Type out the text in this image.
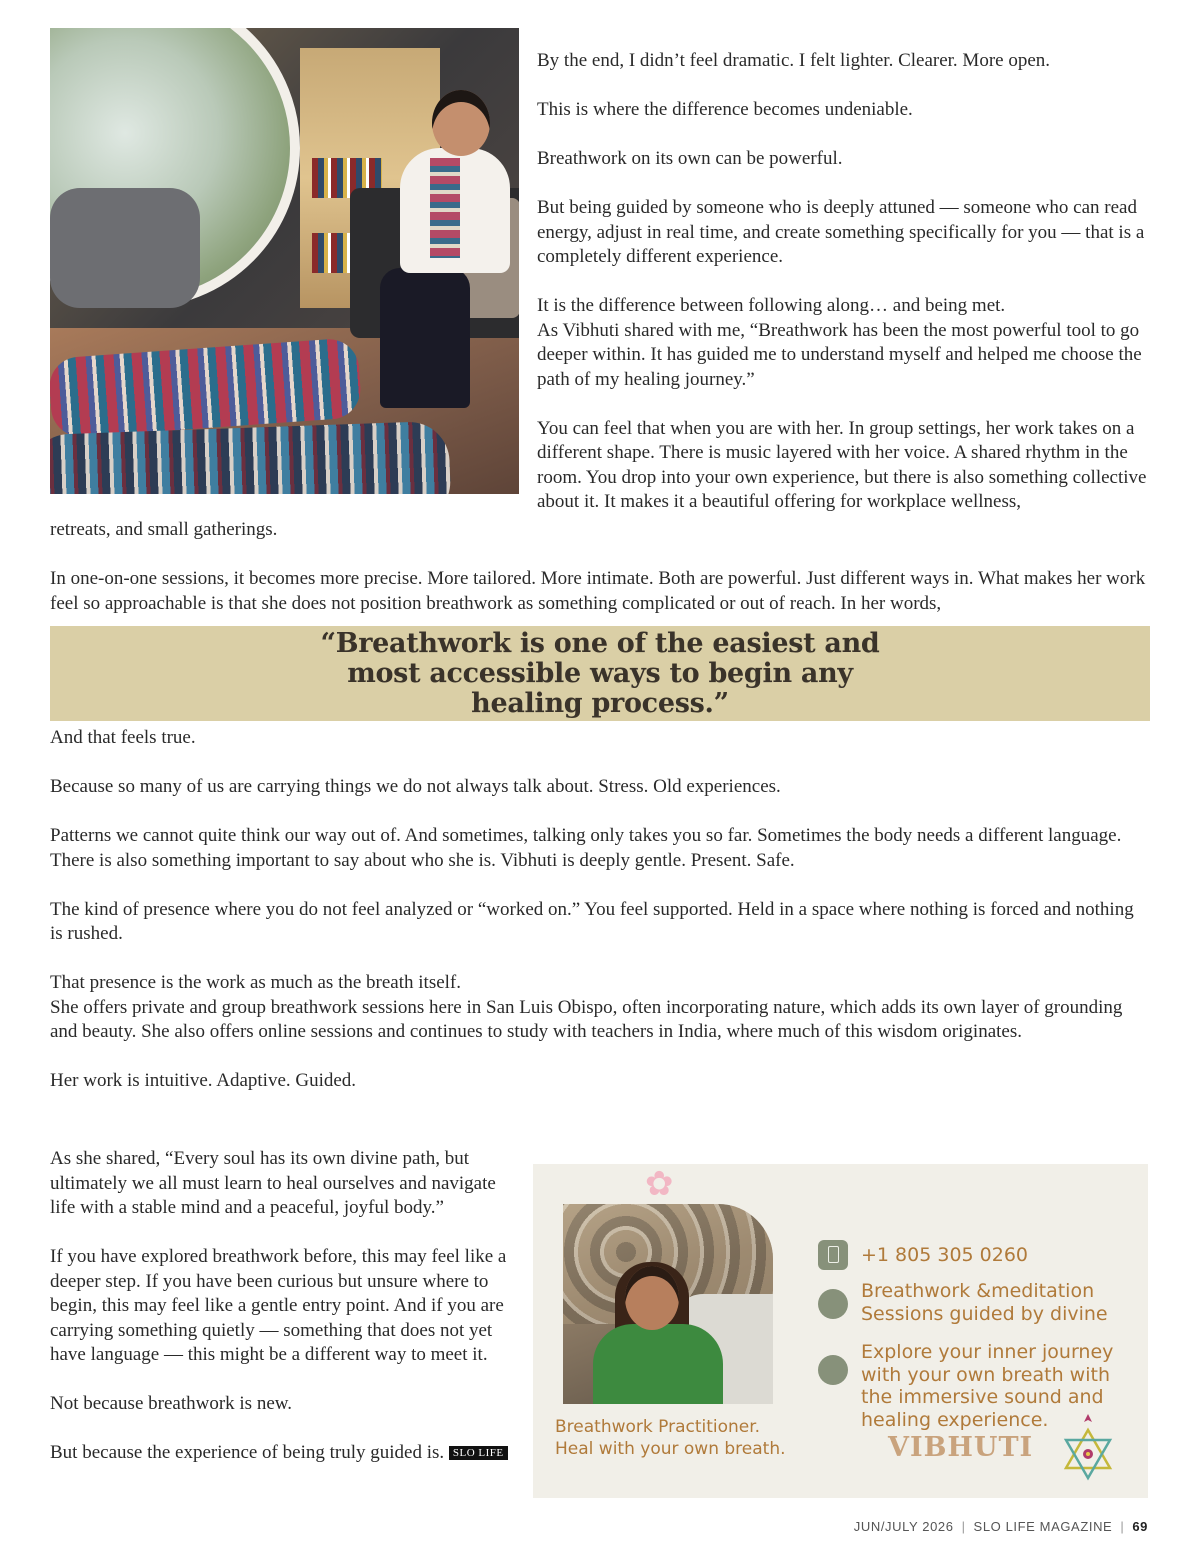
By the end, I didn’t feel dramatic. I felt lighter. Clearer. More open.

This is where the difference becomes undeniable.

Breathwork on its own can be powerful.

But being guided by someone who is deeply attuned — someone who can read energy, adjust in real time, and create something specifically for you — that is a completely different experience.

It is the difference between following along… and being met.
As Vibhuti shared with me, “Breathwork has been the most powerful tool to go deeper within. It has guided me to understand myself and helped me choose the path of my healing journey.”

You can feel that when you are with her. In group settings, her work takes on a different shape. There is music layered with her voice. A shared rhythm in the room. You drop into your own experience, but there is also something collective about it. It makes it a beautiful offering for workplace wellness,

retreats, and small gatherings.

In one-on-one sessions, it becomes more precise. More tailored. More intimate. Both are powerful. Just different ways in. What makes her work feel so approachable is that she does not position breathwork as something complicated or out of reach. In her words,

“Breathwork is one of the easiest and most accessible ways to begin any healing process.”

And that feels true.

Because so many of us are carrying things we do not always talk about. Stress. Old experiences.

Patterns we cannot quite think our way out of. And sometimes, talking only takes you so far. Sometimes the body needs a different language. There is also something important to say about who she is. Vibhuti is deeply gentle. Present. Safe.

The kind of presence where you do not feel analyzed or “worked on.” You feel supported. Held in a space where nothing is forced and nothing is rushed.

That presence is the work as much as the breath itself.
She offers private and group breathwork sessions here in San Luis Obispo, often incorporating nature, which adds its own layer of grounding and beauty. She also offers online sessions and continues to study with teachers in India, where much of this wisdom originates.

Her work is intuitive. Adaptive. Guided.

As she shared, “Every soul has its own divine path, but ultimately we all must learn to heal ourselves and navigate life with a stable mind and a peaceful, joyful body.”

If you have explored breathwork before, this may feel like a deeper step. If you have been curious but unsure where to begin, this may feel like a gentle entry point. And if you are carrying something quietly — something that does not yet have language — this might be a different way to meet it.

Not because breathwork is new.

But because the experience of being truly guided is. SLO LIFE

✿
Breathwork Practitioner.
Heal with your own breath.
+1 805 305 0260
Breathwork &meditation
Sessions guided by divine
Explore your inner journey
with your own breath with
the immersive sound and
healing experience.
VIBHUTI
JUN/JULY 2026 | SLO LIFE MAGAZINE | 69
